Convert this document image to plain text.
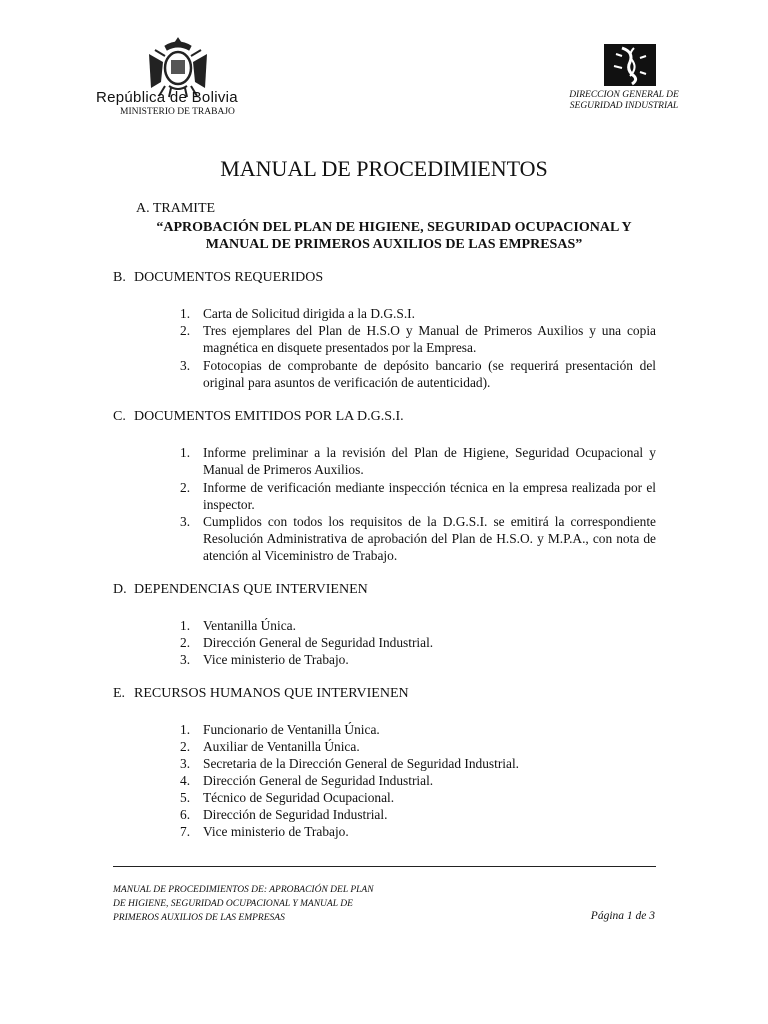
República de Bolivia
MINISTERIO DE TRABAJO
DIRECCION GENERAL DE
SEGURIDAD INDUSTRIAL
MANUAL DE PROCEDIMIENTOS
A. TRAMITE
“APROBACIÓN DEL PLAN DE HIGIENE, SEGURIDAD OCUPACIONAL Y
MANUAL DE PRIMEROS AUXILIOS DE LAS EMPRESAS”
B. DOCUMENTOS REQUERIDOS
1. Carta de Solicitud dirigida a la D.G.S.I.
2. Tres ejemplares del Plan de H.S.O y Manual de Primeros Auxilios y una copia magnética en disquete presentados por la Empresa.
3. Fotocopias de comprobante de depósito bancario (se requerirá presentación del original para asuntos de verificación de autenticidad).
C. DOCUMENTOS EMITIDOS POR LA D.G.S.I.
1. Informe preliminar a la revisión del Plan de Higiene, Seguridad Ocupacional y Manual de Primeros Auxilios.
2. Informe de verificación mediante inspección técnica en la empresa realizada por el inspector.
3. Cumplidos con todos los requisitos de la D.G.S.I. se emitirá la correspondiente Resolución Administrativa de aprobación del Plan de H.S.O. y M.P.A., con nota de atención al Viceministro de Trabajo.
D. DEPENDENCIAS QUE INTERVIENEN
1. Ventanilla Única.
2. Dirección General de Seguridad Industrial.
3. Vice ministerio de Trabajo.
E. RECURSOS HUMANOS QUE INTERVIENEN
1. Funcionario de Ventanilla Única.
2. Auxiliar de Ventanilla Única.
3. Secretaria de la Dirección General de Seguridad Industrial.
4. Dirección General de Seguridad Industrial.
5. Técnico de Seguridad Ocupacional.
6. Dirección de Seguridad Industrial.
7. Vice ministerio de Trabajo.
MANUAL DE PROCEDIMIENTOS DE: APROBACIÓN DEL PLAN
DE HIGIENE, SEGURIDAD OCUPACIONAL Y MANUAL DE
PRIMEROS AUXILIOS DE LAS EMPRESAS	Página 1 de 3
